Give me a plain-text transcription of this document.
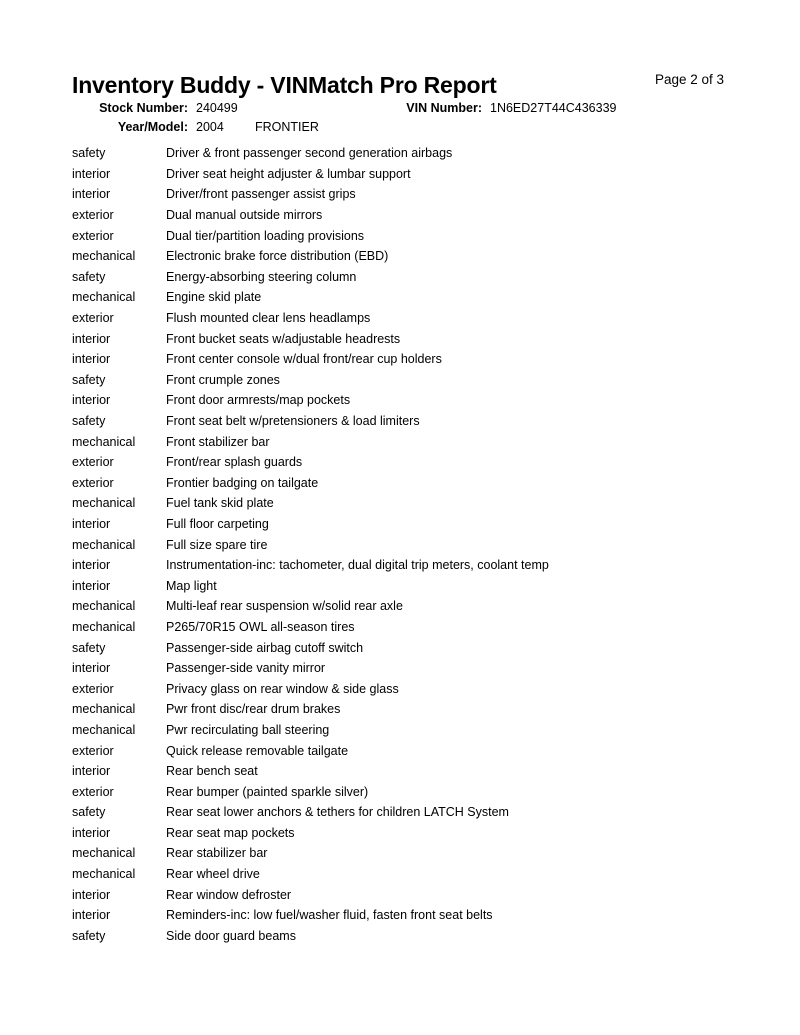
Page 2 of 3
Inventory Buddy - VINMatch Pro Report
Stock Number: 240499	VIN Number: 1N6ED27T44C436339
Year/Model: 2004 FRONTIER
safety	Driver & front passenger second generation airbags
interior	Driver seat height adjuster & lumbar support
interior	Driver/front passenger assist grips
exterior	Dual manual outside mirrors
exterior	Dual tier/partition loading provisions
mechanical	Electronic brake force distribution (EBD)
safety	Energy-absorbing steering column
mechanical	Engine skid plate
exterior	Flush mounted clear lens headlamps
interior	Front bucket seats w/adjustable headrests
interior	Front center console w/dual front/rear cup holders
safety	Front crumple zones
interior	Front door armrests/map pockets
safety	Front seat belt w/pretensioners & load limiters
mechanical	Front stabilizer bar
exterior	Front/rear splash guards
exterior	Frontier badging on tailgate
mechanical	Fuel tank skid plate
interior	Full floor carpeting
mechanical	Full size spare tire
interior	Instrumentation-inc: tachometer, dual digital trip meters, coolant temp
interior	Map light
mechanical	Multi-leaf rear suspension w/solid rear axle
mechanical	P265/70R15 OWL all-season tires
safety	Passenger-side airbag cutoff switch
interior	Passenger-side vanity mirror
exterior	Privacy glass on rear window & side glass
mechanical	Pwr front disc/rear drum brakes
mechanical	Pwr recirculating ball steering
exterior	Quick release removable tailgate
interior	Rear bench seat
exterior	Rear bumper (painted sparkle silver)
safety	Rear seat lower anchors & tethers for children LATCH System
interior	Rear seat map pockets
mechanical	Rear stabilizer bar
mechanical	Rear wheel drive
interior	Rear window defroster
interior	Reminders-inc: low fuel/washer fluid, fasten front seat belts
safety	Side door guard beams
